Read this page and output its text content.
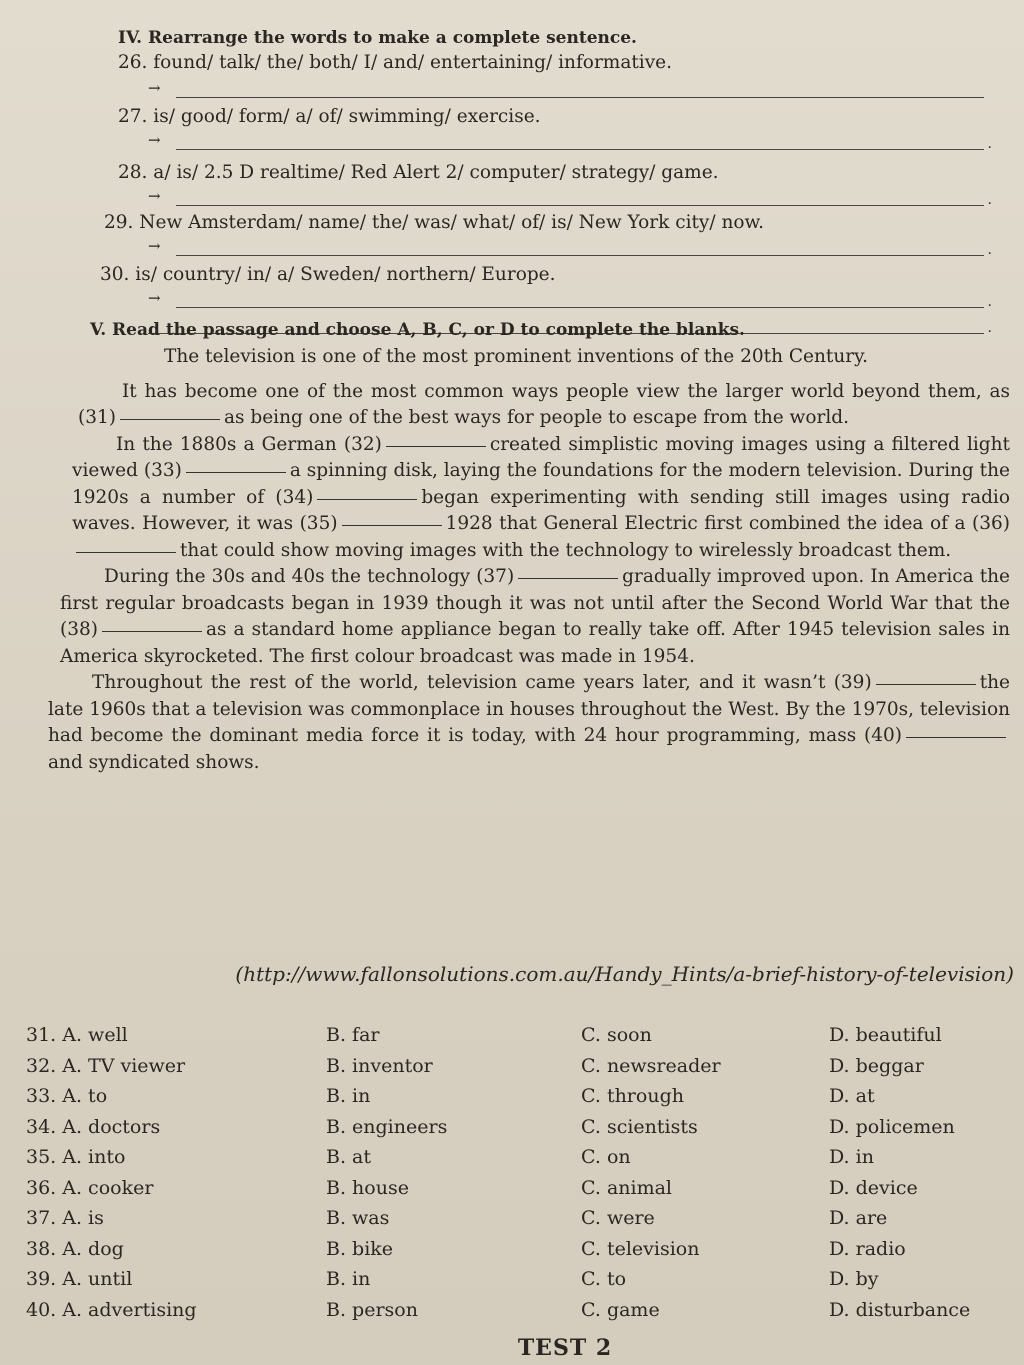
IV. Rearrange the words to make a complete sentence.
26. found/ talk/ the/ both/ I/ and/ entertaining/ informative.
→
27. is/ good/ form/ a/ of/ swimming/ exercise.
→	.
28. a/ is/ 2.5 D realtime/ Red Alert 2/ computer/ strategy/ game.
→	.
29. New Amsterdam/ name/ the/ was/ what/ of/ is/ New York city/ now.
→	.
30. is/ country/ in/ a/ Sweden/ northern/ Europe.
→	.
.
V. Read the passage and choose A, B, C, or D to complete the blanks.

The television is one of the most prominent inventions of the 20th Century.

It has become one of the most common ways people view the larger world beyond them, as (31)	as being one of the best ways for people to escape from the world.

In the 1880s a German (32)	created simplistic moving images using a filtered light viewed (33)	a spinning disk, laying the foundations for the modern television. During the 1920s a number of (34)	began experimenting with sending still images using radio waves. However, it was (35)	1928 that General Electric first combined the idea of a (36)that could show moving images with the technology to wirelessly broadcast them.

During the 30s and 40s the technology (37)	gradually improved upon. In America the first regular broadcasts began in 1939 though it was not until after the Second World War that the (38)	as a standard home appliance began to really take off. After 1945 television sales in America skyrocketed. The first colour broadcast was made in 1954.

Throughout the rest of the world, television came years later, and it wasn’t (39)	the late 1960s that a television was commonplace in houses throughout the West. By the 1970s, television had become the dominant media force it is today, with 24 hour programming, mass (40)and syndicated shows.

(http://www.fallonsolutions.com.au/Handy_Hints/a-brief-history-of-television)
31. A. well	B. far	C. soon	D. beautiful
32. A. TV viewer	B. inventor	C. newsreader	D. beggar
33. A. to	B. in	C. through	D. at
34. A. doctors	B. engineers	C. scientists	D. policemen
35. A. into	B. at	C. on	D. in
36. A. cooker	B. house	C. animal	D. device
37. A. is	B. was	C. were	D. are
38. A. dog	B. bike	C. television	D. radio
39. A. until	B. in	C. to	D. by
40. A. advertising	B. person	C. game	D. disturbance
TEST 2
